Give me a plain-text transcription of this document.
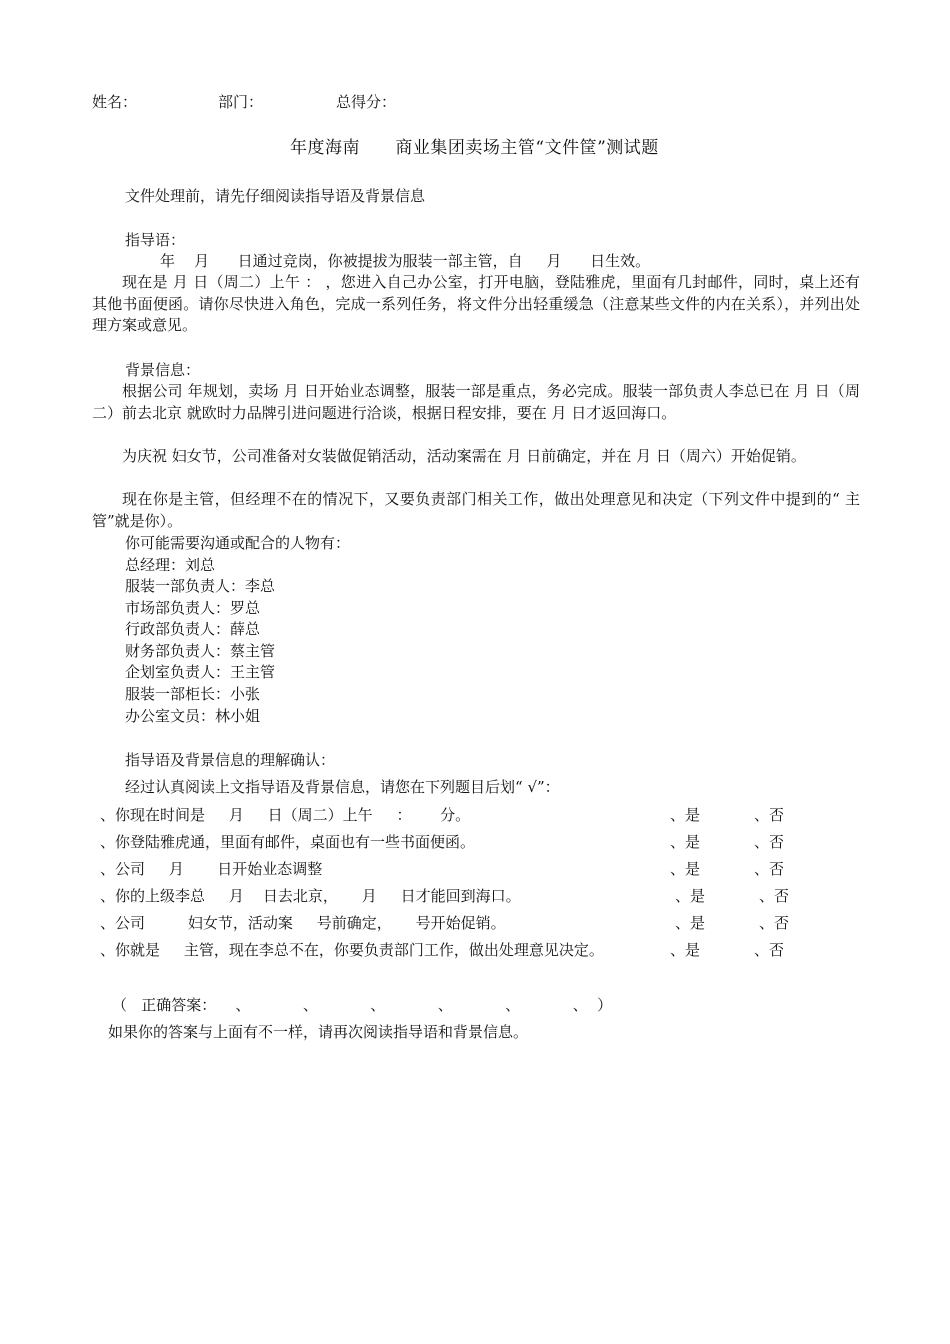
姓名：	部门：	总得分：
年度海南      商业集团卖场主管“文件筐”测试题
文件处理前，请先仔细阅读指导语及背景信息
指导语：
年    月      日通过竞岗，你被提拔为服装一部主管，自     月      日生效。
现在是 月 日（周二）上午 ： ，您进入自己办公室，打开电脑，登陆雅虎，里面有几封邮件，同时，桌上还有其他书面便函。请你尽快进入角色，完成一系列任务，将文件分出轻重缓急（注意某些文件的内在关系），并列出处理方案或意见。
背景信息：
根据公司 年规划，卖场 月 日开始业态调整，服装一部是重点，务必完成。服装一部负责人李总已在 月 日（周二）前去北京 就欧时力品牌引进问题进行洽谈，根据日程安排，要在 月 日才返回海口。
为庆祝 妇女节，公司准备对女装做促销活动，活动案需在 月 日前确定，并在 月 日（周六）开始促销。
现在你是主管，但经理不在的情况下，又要负责部门相关工作，做出处理意见和决定（下列文件中提到的“ 主管”就是你）。
你可能需要沟通或配合的人物有：
总经理：刘总
服装一部负责人：李总
市场部负责人：罗总
行政部负责人：薛总
财务部负责人：蔡主管
企划室负责人：王主管
服装一部柜长：小张
办公室文员：林小姐
指导语及背景信息的理解确认：
经过认真阅读上文指导语及背景信息，请您在下列题目后划“ √”：
、你现在时间是     月     日（周二）上午     ：      分。	、是	、否
、你登陆雅虎通，里面有邮件，桌面也有一些书面便函。	、是	、否
、公司     月       日开始业态调整	、是	、否
、你的上级李总     月    日去北京，     月     日才能回到海口。	、是	、否
、公司         妇女节，活动案     号前确定，     号开始促销。	、是	、否
、你就是     主管，现在李总不在，你要负责部门工作，做出处理意见决定。	、是	、否
（   正确答案：    、           、           、           、           、           、  ）
如果你的答案与上面有不一样，请再次阅读指导语和背景信息。
